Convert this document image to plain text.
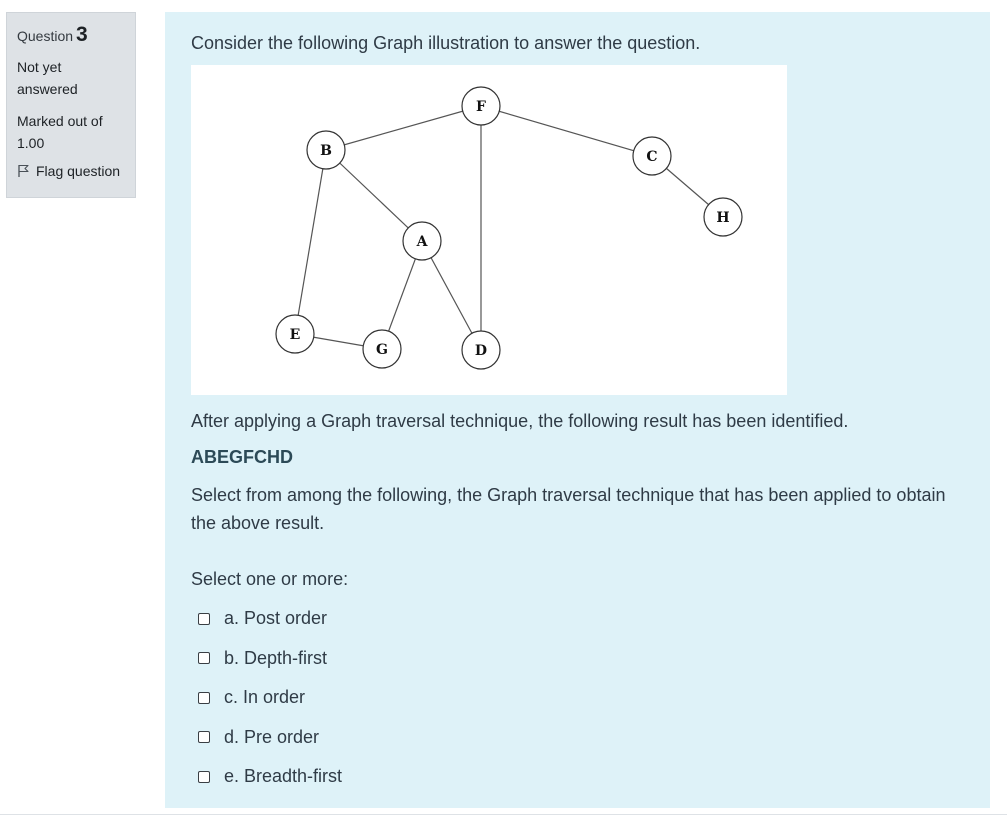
Question 3
Not yet answered
Marked out of 1.00
Flag question

Consider the following Graph illustration to answer the question.

F
B	C
H
A
E
G	D

After applying a Graph traversal technique, the following result has been identified.

ABEGFCHD

Select from among the following, the Graph traversal technique that has been applied to obtain the above result.

Select one or more:
a. Post order
b. Depth-first
c. In order
d. Pre order
e. Breadth-first
